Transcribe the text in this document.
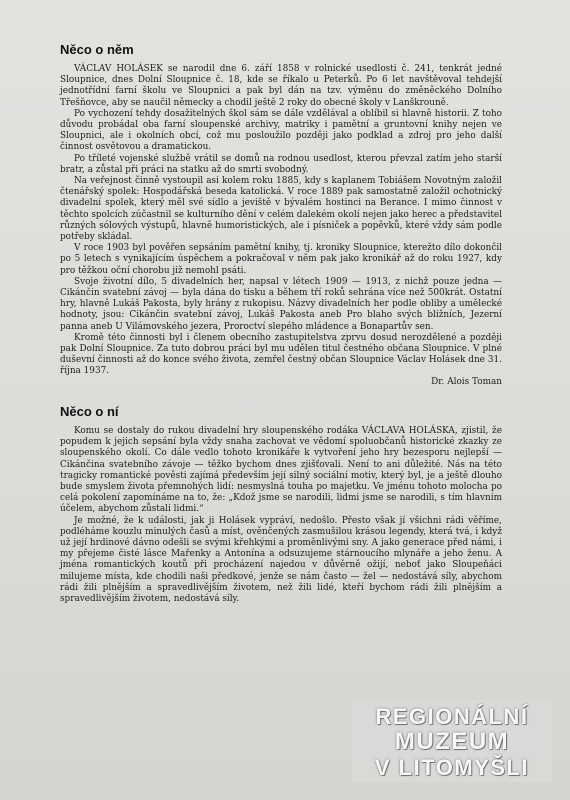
Něco o něm

VÁCLAV HOLÁSEK se narodil dne 6. září 1858 v rolnické usedlosti č. 241, tenkrát jedné Sloupnice, dnes Dolní Sloupnice č. 18, kde se říkalo u Peterků. Po 6 let navštěvoval tehdejší jednotřídní farní školu ve Sloupnici a pak byl dán na tzv. výměnu do změněckého Dolního Třešňovce, aby se naučil německy a chodil ještě 2 roky do obecné školy v Lanškrouně.

Po vychození tehdy dosažitelných škol sám se dále vzdělával a oblíbil si hlavně historii. Z toho důvodu probádal oba farní sloupenské archivy, matriky i pamětní a gruntovní knihy nejen ve Sloupnici, ale i okolních obcí, což mu posloužilo později jako podklad a zdroj pro jeho další činnost osvětovou a dramatickou.

Po tříleté vojenské službě vrátil se domů na rodnou usedlost, kterou převzal zatím jeho starší bratr, a zůstal při práci na statku až do smrti svobodný.

Na veřejnost činně vystoupil asi kolem roku 1885, kdy s kaplanem Tobiášem Novotným založil čtenářský spolek: Hospodářská beseda katolická. V roce 1889 pak samostatně založil ochotnický divadelní spolek, který měl své sídlo a jeviště v bývalém hostinci na Berance. I mimo činnost v těchto spolcích zúčastnil se kulturního dění v celém dalekém okolí nejen jako herec a představitel různých sólových výstupů, hlavně humoristických, ale i písniček a popěvků, které vždy sám podle potřeby skládal.

V roce 1903 byl pověřen sepsáním pamětní knihy, tj. kroniky Sloupnice, kterežto dílo dokončil po 5 letech s vynikajícím úspěchem a pokračoval v něm pak jako kronikář až do roku 1927, kdy pro těžkou oční chorobu již nemohl psáti.

Svoje životní dílo, 5 divadelních her, napsal v létech 1909 — 1913, z nichž pouze jedna — Cikánčin svatební závoj — byla dána do tisku a během tří roků sehrána více než 500krát. Ostatní hry, hlavně Lukáš Pakosta, byly hrány z rukopisu. Názvy divadelních her podle obliby a umělecké hodnoty, jsou: Cikánčin svatební závoj, Lukáš Pakosta aneb Pro blaho svých bližních, Jezerní panna aneb U Vilámovského jezera, Proroctví slepého mládence a Bonapartův sen.

Kromě této činnosti byl i členem obecního zastupitelstva zprvu dosud nerozdělené a později pak Dolní Sloupnice. Za tuto dobrou práci byl mu udělen titul čestného občana Sloupnice. V plné duševní činnosti až do konce svého života, zemřel čestný občan Sloupnice Václav Holásek dne 31. října 1937.

Dr. Alois Toman

Něco o ní

Komu se dostaly do rukou divadelní hry sloupenského rodáka VÁCLAVA HOLÁSKA, zjistil, že popudem k jejich sepsání byla vždy snaha zachovat ve vědomí spoluobčanů historické zkazky ze sloupenského okolí. Co dále vedlo tohoto kronikáře k vytvoření jeho hry bezesporu nejlepší — Cikánčina svatebního závoje — těžko bychom dnes zjišťovali. Není to ani důležité. Nás na této tragicky romantické pověsti zajímá především její silný sociální motiv, který byl, je a ještě dlouho bude smyslem života přemnohých lidí: nesmyslná touha po majetku. Ve jménu tohoto molocha po celá pokolení zapomínáme na to, že: „Kdož jsme se narodili, lidmi jsme se narodili, s tím hlavním účelem, abychom zůstali lidmi.“

Je možné, že k události, jak ji Holásek vypráví, nedošlo. Přesto však jí všichni rádi věříme, podléháme kouzlu minulých časů a míst, ověnčených zasmušilou krásou legendy, která tvá, i když už její hrdinové dávno odešli se svými křehkými a proměnlivými sny. A jako generace před námi, i my přejeme čisté lásce Mařenky a Antonína a odsuzujeme stárnoucího mlynáře a jeho ženu. A jména romantických koutů při procházení najedou v důvěrně ožijí, neboť jako Sloupeňáci milujeme místa, kde chodili naši předkové, jenže se nám často — žel — nedostává síly, abychom rádi žili plnějším a spravedlivějším životem, než žili lidé, kteří bychom rádi žili plnějším a spravedlivějším životem, nedostává síly.

REGIONÁLNÍ
MUZEUM
V LITOMYŠLI
